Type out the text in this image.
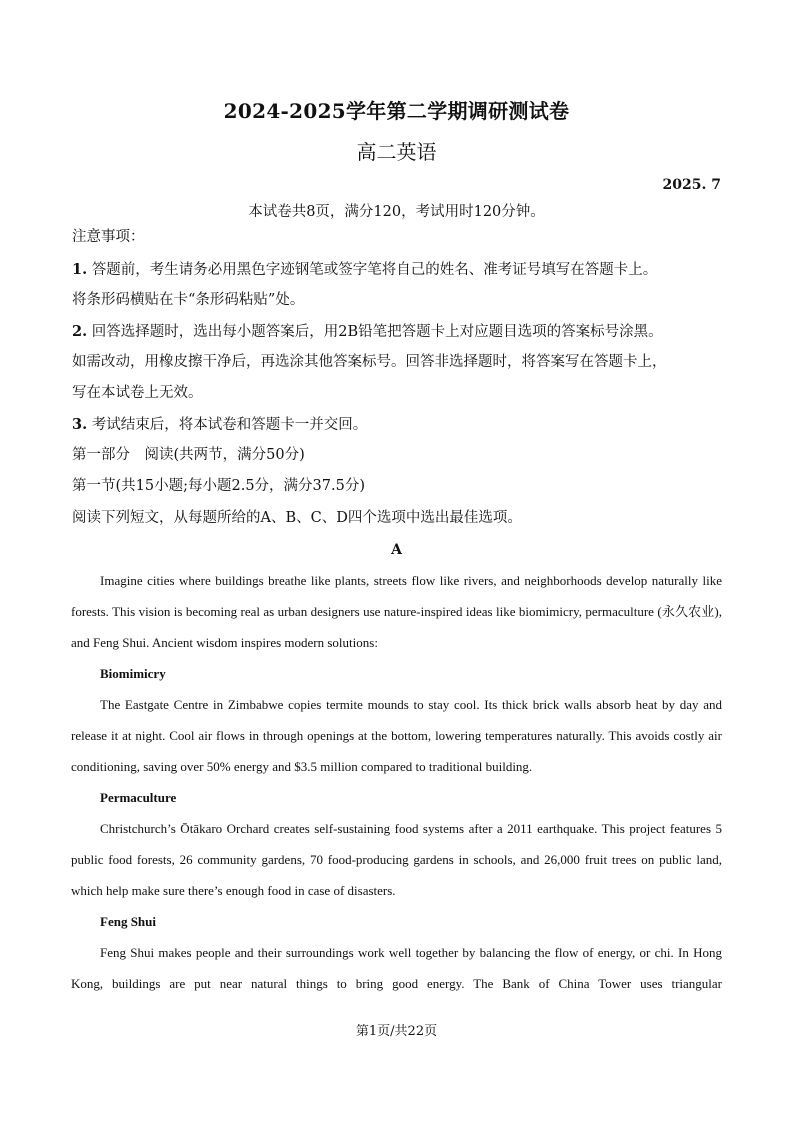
2024-2025学年第二学期调研测试卷
高二英语
2025. 7
本试卷共8页，满分120，考试用时120分钟。
注意事项：
1. 答题前，考生请务必用黑色字迹钢笔或签字笔将自己的姓名、准考证号填写在答题卡上。
将条形码横贴在卡“条形码粘贴”处。
2. 回答选择题时，选出每小题答案后，用2B铅笔把答题卡上对应题目选项的答案标号涂黑。
如需改动，用橡皮擦干净后，再选涂其他答案标号。回答非选择题时，将答案写在答题卡上，
写在本试卷上无效。
3. 考试结束后，将本试卷和答题卡一并交回。
第一部分　阅读(共两节，满分50分)
第一节(共15小题;每小题2.5分，满分37.5分)
阅读下列短文，从每题所给的A、B、C、D四个选项中选出最佳选项。
A

Imagine cities where buildings breathe like plants, streets flow like rivers, and neighborhoods develop naturally like forests. This vision is becoming real as urban designers use nature-inspired ideas like biomimicry, permaculture (永久农业), and Feng Shui. Ancient wisdom inspires modern solutions:

Biomimicry

The Eastgate Centre in Zimbabwe copies termite mounds to stay cool. Its thick brick walls absorb heat by day and release it at night. Cool air flows in through openings at the bottom, lowering temperatures naturally. This avoids costly air conditioning, saving over 50% energy and $3.5 million compared to traditional building.

Permaculture

Christchurch’s Ōtākaro Orchard creates self-sustaining food systems after a 2011 earthquake. This project features 5 public food forests, 26 community gardens, 70 food-producing gardens in schools, and 26,000 fruit trees on public land, which help make sure there’s enough food in case of disasters.

Feng Shui

Feng Shui makes people and their surroundings work well together by balancing the flow of energy, or chi. In Hong Kong, buildings are put near natural things to bring good energy. The Bank of China Tower uses triangular

第1页/共22页
